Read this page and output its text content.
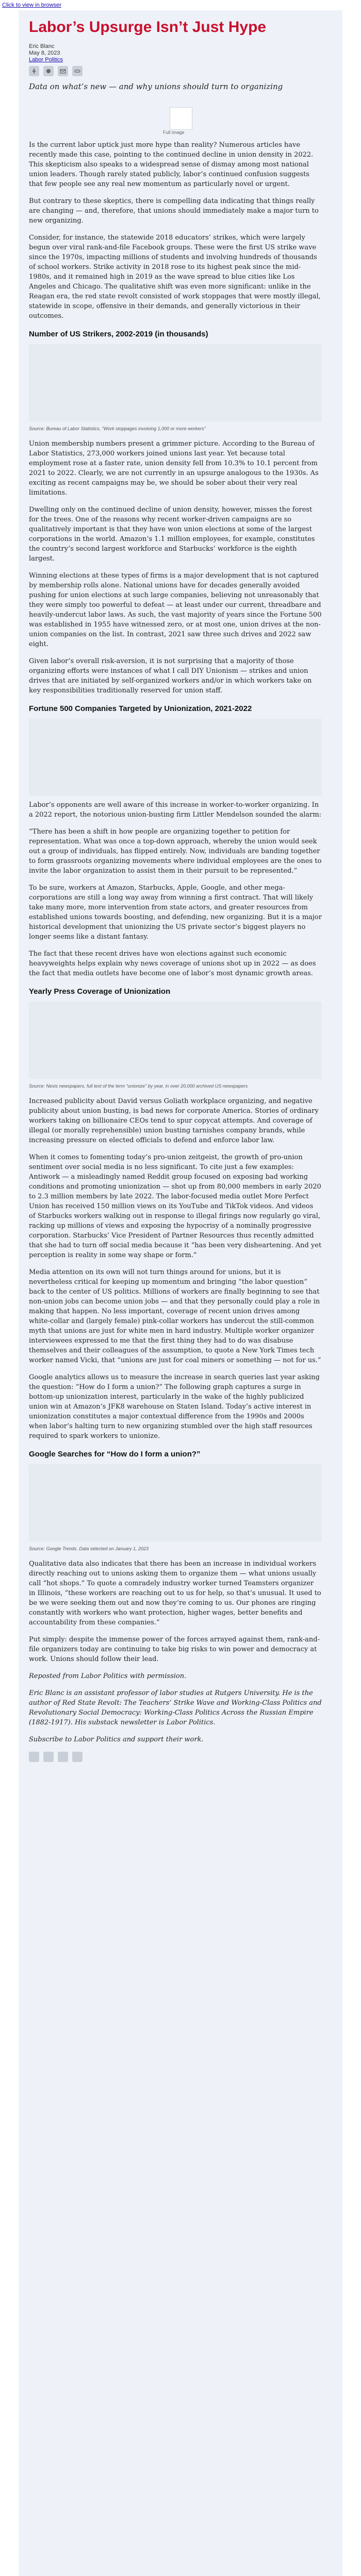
Click to view in browser
Labor’s Upsurge Isn’t Just Hype
Eric Blanc
May 8, 2023
Labor Politics
Data on what’s new — and why unions should turn to organizing
Full image

Is the current labor uptick just more hype than reality? Numerous articles have recently made this case, pointing to the continued decline in union density in 2022. This skepticism also speaks to a widespread sense of dismay among most national union leaders. Though rarely stated publicly, labor’s continued confusion suggests that few people see any real new momentum as particularly novel or urgent.

But contrary to these skeptics, there is compelling data indicating that things really are changing — and, therefore, that unions should immediately make a major turn to new organizing.

Consider, for instance, the statewide 2018 educators’ strikes, which were largely begun over viral rank-and-file Facebook groups. These were the first US strike wave since the 1970s, impacting millions of students and involving hundreds of thousands of school workers. Strike activity in 2018 rose to its highest peak since the mid-1980s, and it remained high in 2019 as the wave spread to blue cities like Los Angeles and Chicago. The qualitative shift was even more significant: unlike in the Reagan era, the red state revolt consisted of work stoppages that were mostly illegal, statewide in scope, offensive in their demands, and generally victorious in their outcomes.

Number of US Strikers, 2002-2019 (in thousands)
Source: Bureau of Labor Statistics, “Work stoppages involving 1,000 or more workers”

Union membership numbers present a grimmer picture. According to the Bureau of Labor Statistics, 273,000 workers joined unions last year. Yet because total employment rose at a faster rate, union density fell from 10.3% to 10.1 percent from 2021 to 2022. Clearly, we are not currently in an upsurge analogous to the 1930s. As exciting as recent campaigns may be, we should be sober about their very real limitations.

Dwelling only on the continued decline of union density, however, misses the forest for the trees. One of the reasons why recent worker-driven campaigns are so qualitatively important is that they have won union elections at some of the largest corporations in the world. Amazon’s 1.1 million employees, for example, constitutes the country’s second largest workforce and Starbucks’ workforce is the eighth largest.

Winning elections at these types of firms is a major development that is not captured by membership rolls alone. National unions have for decades generally avoided pushing for union elections at such large companies, believing not unreasonably that they were simply too powerful to defeat — at least under our current, threadbare and heavily-undercut labor laws. As such, the vast majority of years since the Fortune 500 was established in 1955 have witnessed zero, or at most one, union drives at the non-union companies on the list. In contrast, 2021 saw three such drives and 2022 saw eight.

Given labor’s overall risk-aversion, it is not surprising that a majority of those organizing efforts were instances of what I call DIY Unionism — strikes and union drives that are initiated by self-organized workers and/or in which workers take on key responsibilities traditionally reserved for union staff.

Fortune 500 Companies Targeted by Unionization, 2021-2022

Labor’s opponents are well aware of this increase in worker-to-worker organizing. In a 2022 report, the notorious union-busting firm Littler Mendelson sounded the alarm:

“There has been a shift in how people are organizing together to petition for representation. What was once a top-down approach, whereby the union would seek out a group of individuals, has flipped entirely. Now, individuals are banding together to form grassroots organizing movements where individual employees are the ones to invite the labor organization to assist them in their pursuit to be represented.”

To be sure, workers at Amazon, Starbucks, Apple, Google, and other mega-corporations are still a long way away from winning a first contract. That will likely take many more, more intervention from state actors, and greater resources from established unions towards boosting, and defending, new organizing. But it is a major historical development that unionizing the US private sector’s biggest players no longer seems like a distant fantasy.

The fact that these recent drives have won elections against such economic heavyweights helps explain why news coverage of unions shot up in 2022 — as does the fact that media outlets have become one of labor’s most dynamic growth areas.

Yearly Press Coverage of Unionization
Source: Nexis newspapers, full text of the term “unionize” by year, in over 20,000 archived US newspapers

Increased publicity about David versus Goliath workplace organizing, and negative publicity about union busting, is bad news for corporate America. Stories of ordinary workers taking on billionaire CEOs tend to spur copycat attempts. And coverage of illegal (or morally reprehensible) union busting tarnishes company brands, while increasing pressure on elected officials to defend and enforce labor law.

When it comes to fomenting today’s pro-union zeitgeist, the growth of pro-union sentiment over social media is no less significant. To cite just a few examples: Antiwork — a misleadingly named Reddit group focused on exposing bad working conditions and promoting unionization — shot up from 80,000 members in early 2020 to 2.3 million members by late 2022. The labor-focused media outlet More Perfect Union has received 150 million views on its YouTube and TikTok videos. And videos of Starbucks workers walking out in response to illegal firings now regularly go viral, racking up millions of views and exposing the hypocrisy of a nominally progressive corporation. Starbucks’ Vice President of Partner Resources thus recently admitted that she had to turn off social media because it “has been very disheartening. And yet perception is reality in some way shape or form.”

Media attention on its own will not turn things around for unions, but it is nevertheless critical for keeping up momentum and bringing “the labor question” back to the center of US politics. Millions of workers are finally beginning to see that non-union jobs can become union jobs — and that they personally could play a role in making that happen. No less important, coverage of recent union drives among white-collar and (largely female) pink-collar workers has undercut the still-common myth that unions are just for white men in hard industry. Multiple worker organizer interviewees expressed to me that the first thing they had to do was disabuse themselves and their colleagues of the assumption, to quote a New York Times tech worker named Vicki, that “unions are just for coal miners or something — not for us.”

Google analytics allows us to measure the increase in search queries last year asking the question: “How do I form a union?” The following graph captures a surge in bottom-up unionization interest, particularly in the wake of the highly publicized union win at Amazon’s JFK8 warehouse on Staten Island. Today’s active interest in unionization constitutes a major contextual difference from the 1990s and 2000s when labor’s halting turn to new organizing stumbled over the high staff resources required to spark workers to unionize.

Google Searches for “How do I form a union?”
Source: Google Trends. Data selected on January 1, 2023

Qualitative data also indicates that there has been an increase in individual workers directly reaching out to unions asking them to organize them — what unions usually call “hot shops.” To quote a comradely industry worker turned Teamsters organizer in Illinois, “these workers are reaching out to us for help, so that’s unusual. It used to be we were seeking them out and now they’re coming to us. Our phones are ringing constantly with workers who want protection, higher wages, better benefits and accountability from these companies.”

Put simply: despite the immense power of the forces arrayed against them, rank-and-file organizers today are continuing to take big risks to win power and democracy at work. Unions should follow their lead.

Reposted from Labor Politics with permission.

Eric Blanc is an assistant professor of labor studies at Rutgers University. He is the author of Red State Revolt: The Teachers’ Strike Wave and Working-Class Politics and Revolutionary Social Democracy: Working-Class Politics Across the Russian Empire (1882-1917). His substack newsletter is Labor Politics.

Subscribe to Labor Politics and support their work.
